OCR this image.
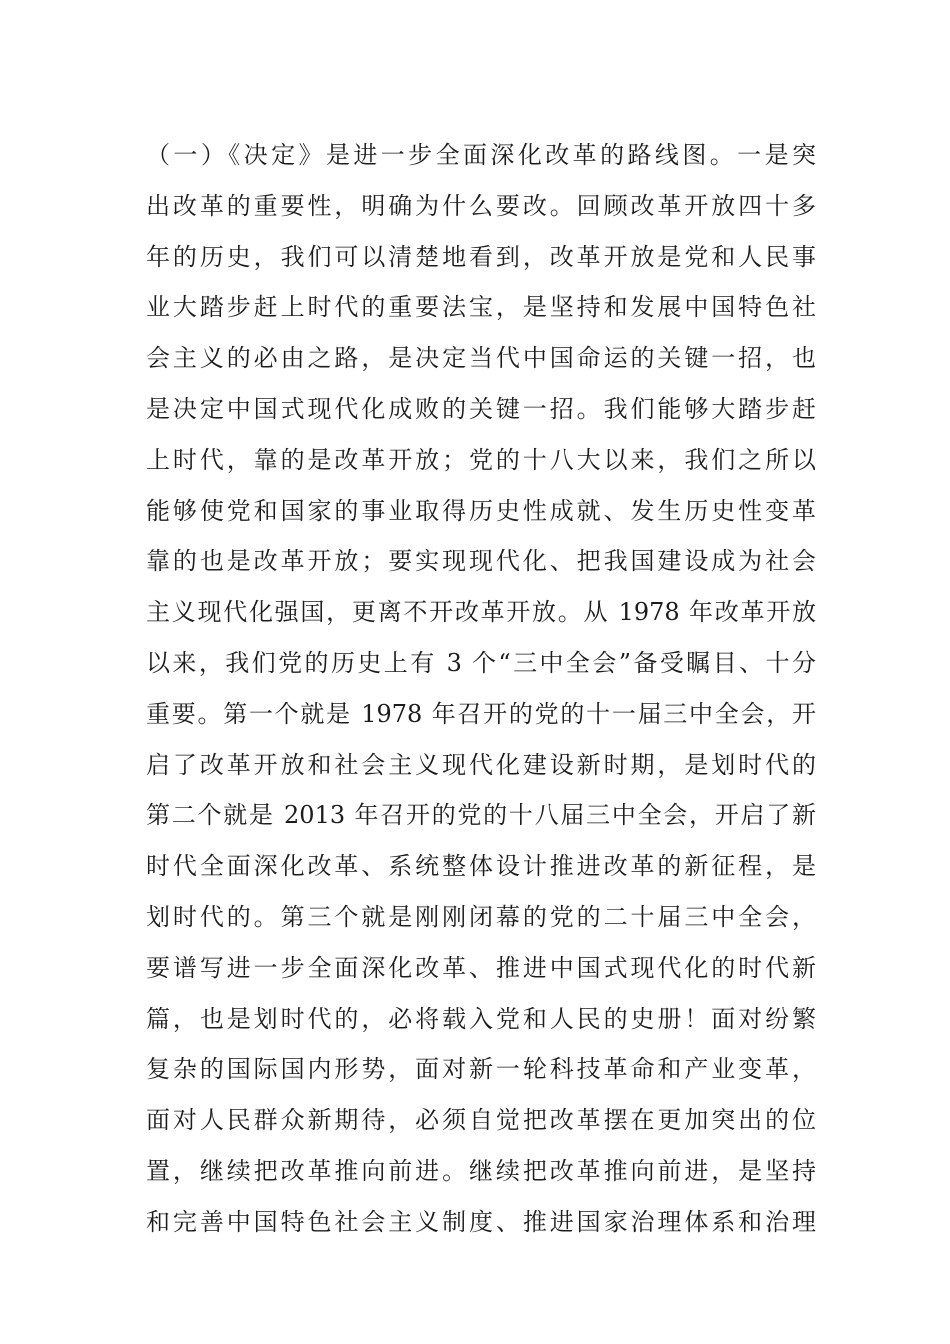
（一）《决定》是进一步全面深化改革的路线图。一是突
出改革的重要性，明确为什么要改。回顾改革开放四十多
年的历史，我们可以清楚地看到，改革开放是党和人民事
业大踏步赶上时代的重要法宝，是坚持和发展中国特色社
会主义的必由之路，是决定当代中国命运的关键一招，也
是决定中国式现代化成败的关键一招。我们能够大踏步赶
上时代，靠的是改革开放；党的十八大以来，我们之所以
能够使党和国家的事业取得历史性成就、发生历史性变革
靠的也是改革开放；要实现现代化、把我国建设成为社会
主义现代化强国，更离不开改革开放。从 1978 年改革开放
以来，我们党的历史上有 3 个“三中全会”备受瞩目、十分
重要。第一个就是 1978 年召开的党的十一届三中全会，开
启了改革开放和社会主义现代化建设新时期，是划时代的
第二个就是 2013 年召开的党的十八届三中全会，开启了新
时代全面深化改革、系统整体设计推进改革的新征程，是
划时代的。第三个就是刚刚闭幕的党的二十届三中全会，
要谱写进一步全面深化改革、推进中国式现代化的时代新
篇，也是划时代的，必将载入党和人民的史册！面对纷繁
复杂的国际国内形势，面对新一轮科技革命和产业变革，
面对人民群众新期待，必须自觉把改革摆在更加突出的位
置，继续把改革推向前进。继续把改革推向前进，是坚持
和完善中国特色社会主义制度、推进国家治理体系和治理
